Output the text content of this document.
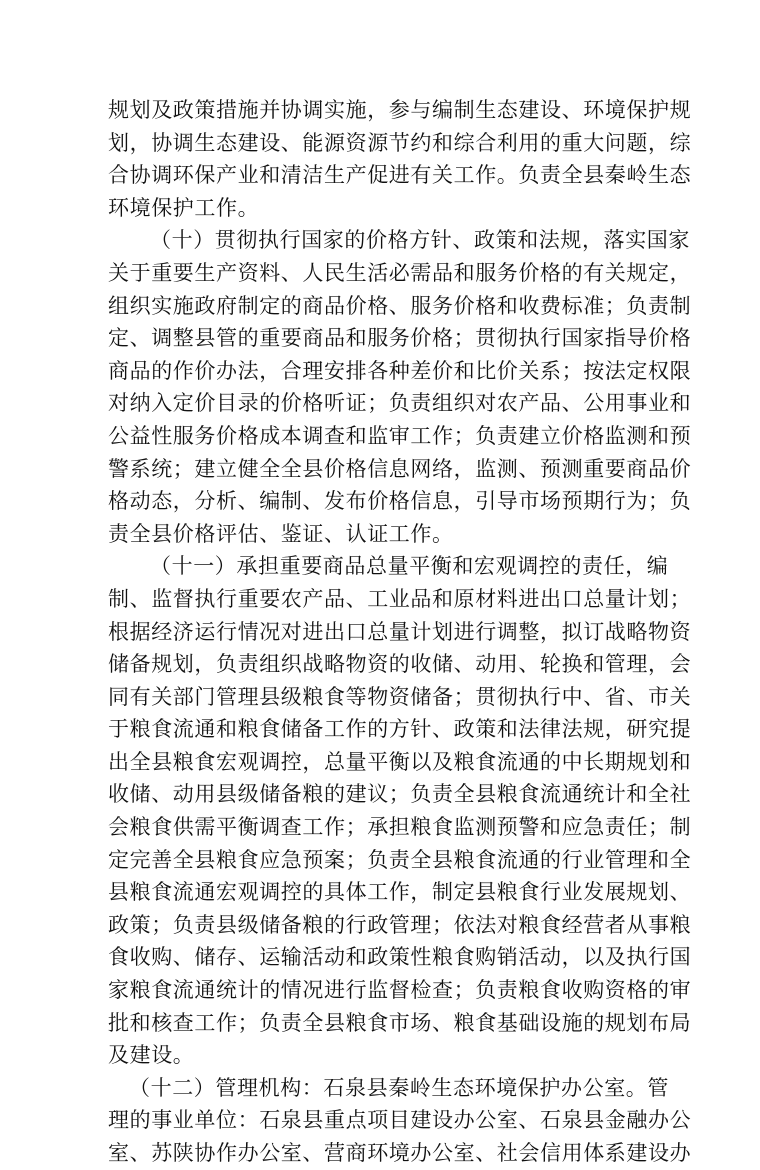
规划及政策措施并协调实施，参与编制生态建设、环境保护规
划，协调生态建设、能源资源节约和综合利用的重大问题，综
合协调环保产业和清洁生产促进有关工作。负责全县秦岭生态
环境保护工作。
（十）贯彻执行国家的价格方针、政策和法规，落实国家
关于重要生产资料、人民生活必需品和服务价格的有关规定，
组织实施政府制定的商品价格、服务价格和收费标准；负责制
定、调整县管的重要商品和服务价格；贯彻执行国家指导价格
商品的作价办法，合理安排各种差价和比价关系；按法定权限
对纳入定价目录的价格听证；负责组织对农产品、公用事业和
公益性服务价格成本调查和监审工作；负责建立价格监测和预
警系统；建立健全全县价格信息网络，监测、预测重要商品价
格动态，分析、编制、发布价格信息，引导市场预期行为；负
责全县价格评估、鉴证、认证工作。
（十一）承担重要商品总量平衡和宏观调控的责任，编
制、监督执行重要农产品、工业品和原材料进出口总量计划；
根据经济运行情况对进出口总量计划进行调整，拟订战略物资
储备规划，负责组织战略物资的收储、动用、轮换和管理，会
同有关部门管理县级粮食等物资储备；贯彻执行中、省、市关
于粮食流通和粮食储备工作的方针、政策和法律法规，研究提
出全县粮食宏观调控，总量平衡以及粮食流通的中长期规划和
收储、动用县级储备粮的建议；负责全县粮食流通统计和全社
会粮食供需平衡调查工作；承担粮食监测预警和应急责任；制
定完善全县粮食应急预案；负责全县粮食流通的行业管理和全
县粮食流通宏观调控的具体工作，制定县粮食行业发展规划、
政策；负责县级储备粮的行政管理；依法对粮食经营者从事粮
食收购、储存、运输活动和政策性粮食购销活动，以及执行国
家粮食流通统计的情况进行监督检查；负责粮食收购资格的审
批和核查工作；负责全县粮食市场、粮食基础设施的规划布局
及建设。
（十二）管理机构：石泉县秦岭生态环境保护办公室。管
理的事业单位：石泉县重点项目建设办公室、石泉县金融办公
室、苏陕协作办公室、营商环境办公室、社会信用体系建设办
